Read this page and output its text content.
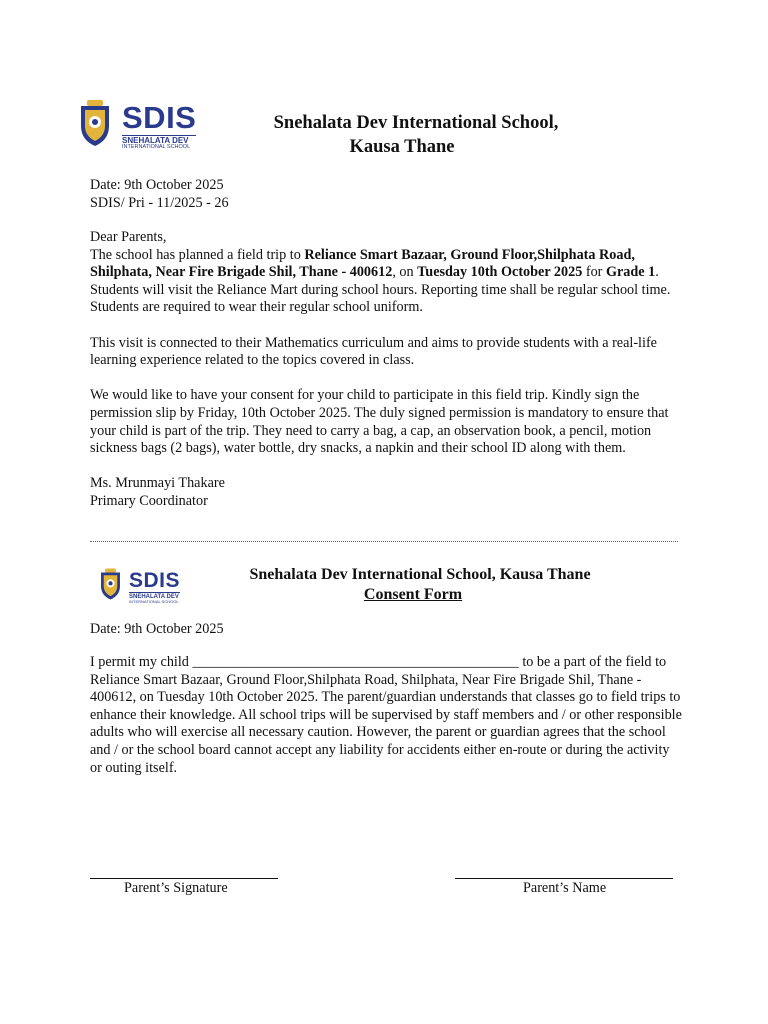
SDIS
SNEHALATA DEV
INTERNATIONAL SCHOOL
Snehalata Dev International School,
Kausa Thane
Date: 9th October 2025
SDIS/ Pri - 11/2025 - 26

Dear Parents,

The school has planned a field trip to Reliance Smart Bazaar, Ground Floor,Shilphata Road, Shilphata, Near Fire Brigade Shil, Thane - 400612, on Tuesday 10th October 2025 for Grade 1. Students will visit the Reliance Mart during school hours. Reporting time shall be regular school time. Students are required to wear their regular school uniform.

This visit is connected to their Mathematics curriculum and aims to provide students with a real-life learning experience related to the topics covered in class.

We would like to have your consent for your child to participate in this field trip. Kindly sign the permission slip by Friday, 10th October 2025. The duly signed permission is mandatory to ensure that your child is part of the trip. They need to carry a bag, a cap, an observation book, a pencil, motion sickness bags (2 bags), water bottle, dry snacks, a napkin and their school ID along with them.

Ms. Mrunmayi Thakare

Primary Coordinator

SDIS
SNEHALATA DEV
INTERNATIONAL SCHOOL
Snehalata Dev International School, Kausa Thane
Consent Form
Date: 9th October 2025

I permit my child ______________________________________________ to be a part of the field to Reliance Smart Bazaar, Ground Floor,Shilphata Road, Shilphata, Near Fire Brigade Shil, Thane - 400612, on Tuesday 10th October 2025. The parent/guardian understands that classes go to field trips to enhance their knowledge. All school trips will be supervised by staff members and / or other responsible adults who will exercise all necessary caution. However, the parent or guardian agrees that the school and / or the school board cannot accept any liability for accidents either en-route or during the activity or outing itself.

Parent’s Signature	Parent’s Name
